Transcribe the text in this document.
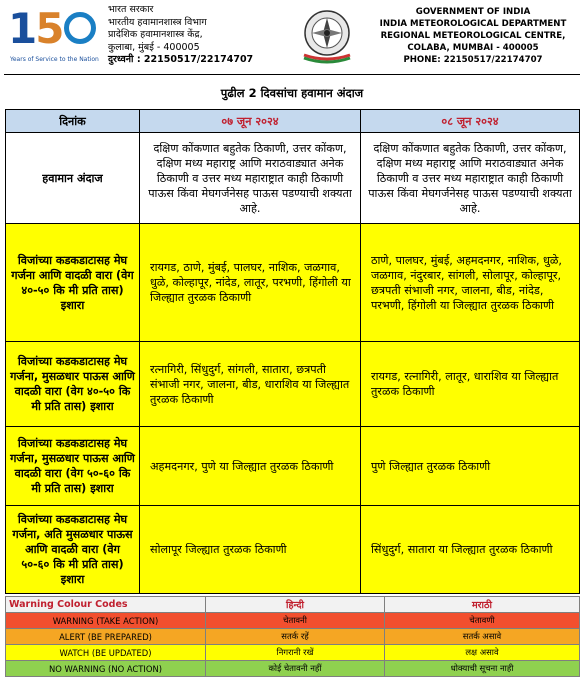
15
Years of Service to the Nation
भारत सरकार
भारतीय हवामानशास्त्र विभाग
प्रादेशिक हवामानशास्त्र केंद्र,
कुलाबा, मुंबई - 400005
दुरध्वनी : 22150517/22174707
GOVERNMENT OF INDIA
INDIA METEOROLOGICAL DEPARTMENT
REGIONAL METEOROLOGICAL CENTRE,
COLABA, MUMBAI - 400005
PHONE: 22150517/22174707
पुढील 2 दिवसांचा हवामान अंदाज
दिनांक	०७ जून २०२४	०८ जून २०२४
हवामान अंदाज	दक्षिण कोंकणात बहुतेक ठिकाणी, उत्तर कोंकण, दक्षिण मध्य महाराष्ट्र आणि मराठवाड्यात अनेक ठिकाणी व उत्तर मध्य महाराष्ट्रात काही ठिकाणी पाऊस किंवा मेघगर्जनेसह पाऊस पडण्याची शक्यता आहे.	दक्षिण कोंकणात बहुतेक ठिकाणी, उत्तर कोंकण, दक्षिण मध्य महाराष्ट्र आणि मराठवाड्यात अनेक ठिकाणी व उत्तर मध्य महाराष्ट्रात काही ठिकाणी पाऊस किंवा मेघगर्जनेसह पाऊस पडण्याची शक्यता आहे.
विजांच्या कडकडाटासह मेघ गर्जना आणि वादळी वारा (वेग ४०-५० कि मी प्रति तास) इशारा	रायगड, ठाणे, मुंबई, पालघर, नाशिक, जळगाव, धुळे, कोल्हापूर, नांदेड, लातूर, परभणी, हिंगोली या जिल्ह्यात तुरळक ठिकाणी	ठाणे, पालघर, मुंबई, अहमदनगर, नाशिक, धुळे, जळगाव, नंदुरबार, सांगली, सोलापूर, कोल्हापूर, छत्रपती संभाजी नगर, जालना, बीड, नांदेड, परभणी, हिंगोली या जिल्ह्यात तुरळक ठिकाणी
विजांच्या कडकडाटासह मेघ गर्जना, मुसळधार पाऊस आणि वादळी वारा (वेग ४०-५० कि मी प्रति तास) इशारा	रत्नागिरी, सिंधुदुर्ग, सांगली, सातारा, छत्रपती संभाजी नगर, जालना, बीड, धाराशिव या जिल्ह्यात तुरळक ठिकाणी	रायगड, रत्नागिरी, लातूर, धाराशिव या जिल्ह्यात तुरळक ठिकाणी
विजांच्या कडकडाटासह मेघ गर्जना, मुसळधार पाऊस आणि वादळी वारा (वेग ५०-६० कि मी प्रति तास) इशारा	अहमदनगर, पुणे या जिल्ह्यात तुरळक ठिकाणी	पुणे जिल्ह्यात तुरळक ठिकाणी
विजांच्या कडकडाटासह मेघ गर्जना, अति मुसळधार पाऊस आणि वादळी वारा (वेग ५०-६० कि मी प्रति तास) इशारा	सोलापूर जिल्ह्यात तुरळक ठिकाणी	सिंधुदुर्ग, सातारा या जिल्ह्यात तुरळक ठिकाणी
Warning Colour Codes	हिन्दी	मराठी
WARNING (TAKE ACTION)	चेतावनी	चेतावणी
ALERT (BE PREPARED)	सतर्क रहें	सतर्क असावे
WATCH (BE UPDATED)	निगरानी रखें	लक्ष असावे
NO WARNING (NO ACTION)	कोई चेतावनी नहीं	धोक्याची सूचना नाही
